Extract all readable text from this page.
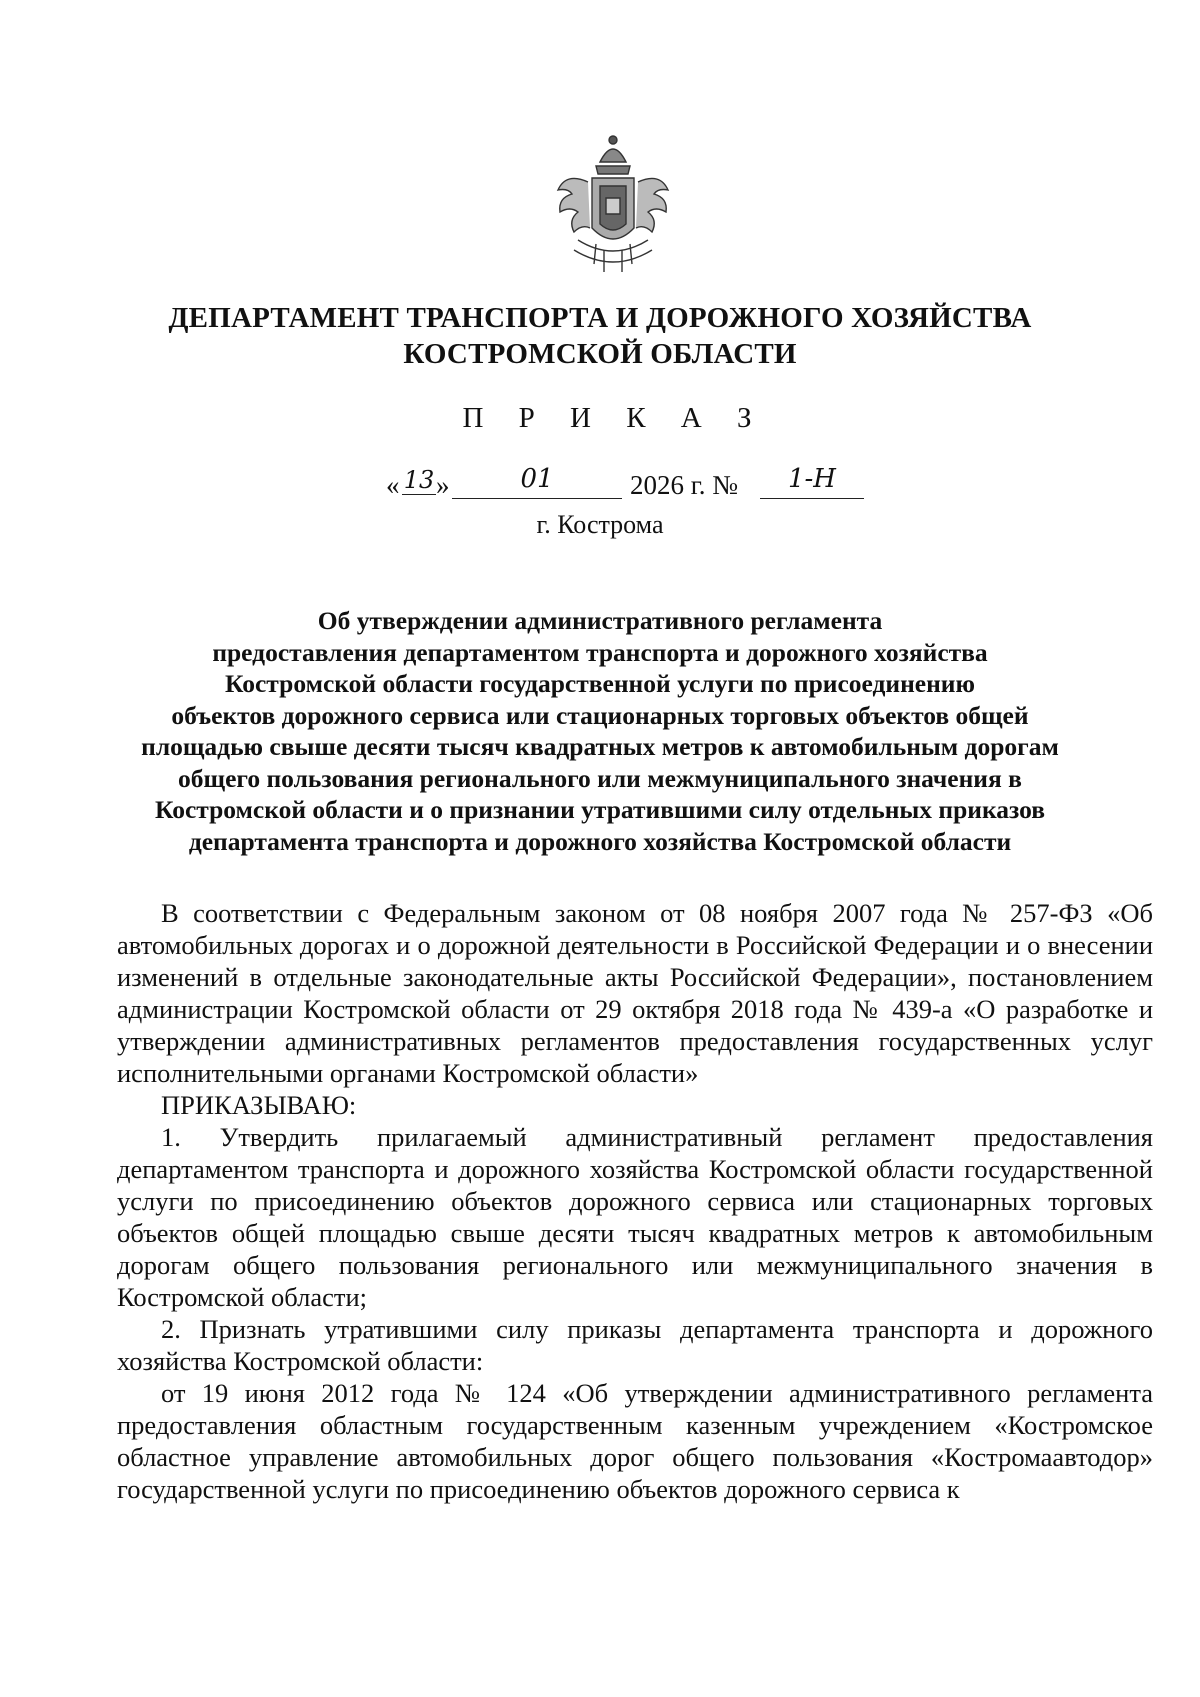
ДЕПАРТАМЕНТ ТРАНСПОРТА И ДОРОЖНОГО ХОЗЯЙСТВА
КОСТРОМСКОЙ ОБЛАСТИ
П Р И К А З
« 13 »	01	2026 г. №	1-Н
г. Кострома
Об утверждении административного регламента
предоставления департаментом транспорта и дорожного хозяйства
Костромской области государственной услуги по присоединению
объектов дорожного сервиса или стационарных торговых объектов общей
площадью свыше десяти тысяч квадратных метров к автомобильным дорогам
общего пользования регионального или межмуниципального значения в
Костромской области и о признании утратившими силу отдельных приказов
департамента транспорта и дорожного хозяйства Костромской области

В соответствии с Федеральным законом от 08 ноября 2007 года № 257-ФЗ «Об автомобильных дорогах и о дорожной деятельности в Российской Федерации и о внесении изменений в отдельные законодательные акты Российской Федерации», постановлением администрации Костромской области от 29 октября 2018 года № 439-а «О разработке и утверждении административных регламентов предоставления государственных услуг исполнительными органами Костромской области»

ПРИКАЗЫВАЮ:

1. Утвердить прилагаемый административный регламент предоставления департаментом транспорта и дорожного хозяйства Костромской области государственной услуги по присоединению объектов дорожного сервиса или стационарных торговых объектов общей площадью свыше десяти тысяч квадратных метров к автомобильным дорогам общего пользования регионального или межмуниципального значения в Костромской области;

2. Признать утратившими силу приказы департамента транспорта и дорожного хозяйства Костромской области:

от 19 июня 2012 года № 124 «Об утверждении административного регламента предоставления областным государственным казенным учреждением «Костромское областное управление автомобильных дорог общего пользования «Костромаавтодор» государственной услуги по присоединению объектов дорожного сервиса к
